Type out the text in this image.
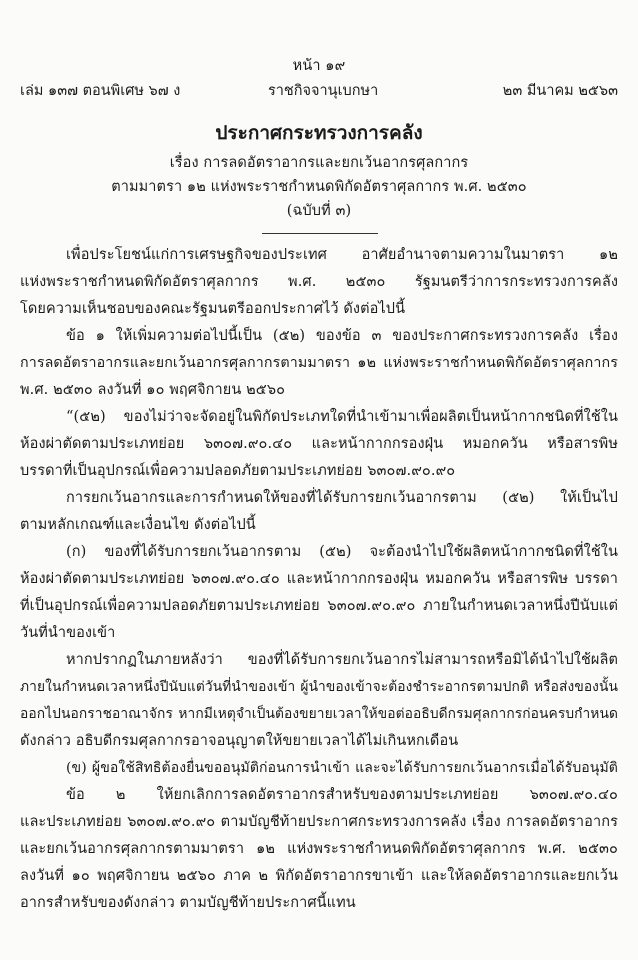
หน้า ๑๙
เล่ม ๑๓๗ ตอนพิเศษ ๖๗ ง	ราชกิจจานุเบกษา	๒๓ มีนาคม ๒๕๖๓
ประกาศกระทรวงการคลัง
เรื่อง การลดอัตราอากรและยกเว้นอากรศุลกากร
ตามมาตรา ๑๒ แห่งพระราชกำหนดพิกัดอัตราศุลกากร พ.ศ. ๒๕๓๐
(ฉบับที่ ๓)
เพื่อประโยชน์แก่การเศรษฐกิจของประเทศ อาศัยอำนาจตามความในมาตรา ๑๒
แห่งพระราชกำหนดพิกัดอัตราศุลกากร พ.ศ. ๒๕๓๐ รัฐมนตรีว่าการกระทรวงการคลัง
โดยความเห็นชอบของคณะรัฐมนตรีออกประกาศไว้ ดังต่อไปนี้
ข้อ ๑ ให้เพิ่มความต่อไปนี้เป็น (๕๒) ของข้อ ๓ ของประกาศกระทรวงการคลัง เรื่อง
การลดอัตราอากรและยกเว้นอากรศุลกากรตามมาตรา ๑๒ แห่งพระราชกำหนดพิกัดอัตราศุลกากร
พ.ศ. ๒๕๓๐ ลงวันที่ ๑๐ พฤศจิกายน ๒๕๖๐
“(๕๒) ของไม่ว่าจะจัดอยู่ในพิกัดประเภทใดที่นำเข้ามาเพื่อผลิตเป็นหน้ากากชนิดที่ใช้ใน
ห้องผ่าตัดตามประเภทย่อย ๖๓๐๗.๙๐.๔๐ และหน้ากากกรองฝุ่น หมอกควัน หรือสารพิษ
บรรดาที่เป็นอุปกรณ์เพื่อความปลอดภัยตามประเภทย่อย ๖๓๐๗.๙๐.๙๐
การยกเว้นอากรและการกำหนดให้ของที่ได้รับการยกเว้นอากรตาม (๕๒) ให้เป็นไป
ตามหลักเกณฑ์และเงื่อนไข ดังต่อไปนี้
(ก) ของที่ได้รับการยกเว้นอากรตาม (๕๒) จะต้องนำไปใช้ผลิตหน้ากากชนิดที่ใช้ใน
ห้องผ่าตัดตามประเภทย่อย ๖๓๐๗.๙๐.๔๐ และหน้ากากกรองฝุ่น หมอกควัน หรือสารพิษ บรรดา
ที่เป็นอุปกรณ์เพื่อความปลอดภัยตามประเภทย่อย ๖๓๐๗.๙๐.๙๐ ภายในกำหนดเวลาหนึ่งปีนับแต่
วันที่นำของเข้า
หากปรากฏในภายหลังว่า ของที่ได้รับการยกเว้นอากรไม่สามารถหรือมิได้นำไปใช้ผลิต
ภายในกำหนดเวลาหนึ่งปีนับแต่วันที่นำของเข้า ผู้นำของเข้าจะต้องชำระอากรตามปกติ หรือส่งของนั้น
ออกไปนอกราชอาณาจักร หากมีเหตุจำเป็นต้องขยายเวลาให้ขอต่ออธิบดีกรมศุลกากรก่อนครบกำหนด
ดังกล่าว อธิบดีกรมศุลกากรอาจอนุญาตให้ขยายเวลาได้ไม่เกินหกเดือน
(ข) ผู้ขอใช้สิทธิต้องยื่นขออนุมัติก่อนการนำเข้า และจะได้รับการยกเว้นอากรเมื่อได้รับอนุมัติ
ข้อ ๒ ให้ยกเลิกการลดอัตราอากรสำหรับของตามประเภทย่อย ๖๓๐๗.๙๐.๔๐
และประเภทย่อย ๖๓๐๗.๙๐.๙๐ ตามบัญชีท้ายประกาศกระทรวงการคลัง เรื่อง การลดอัตราอากร
และยกเว้นอากรศุลกากรตามมาตรา ๑๒ แห่งพระราชกำหนดพิกัดอัตราศุลกากร พ.ศ. ๒๕๓๐
ลงวันที่ ๑๐ พฤศจิกายน ๒๕๖๐ ภาค ๒ พิกัดอัตราอากรขาเข้า และให้ลดอัตราอากรและยกเว้น
อากรสำหรับของดังกล่าว ตามบัญชีท้ายประกาศนี้แทน
